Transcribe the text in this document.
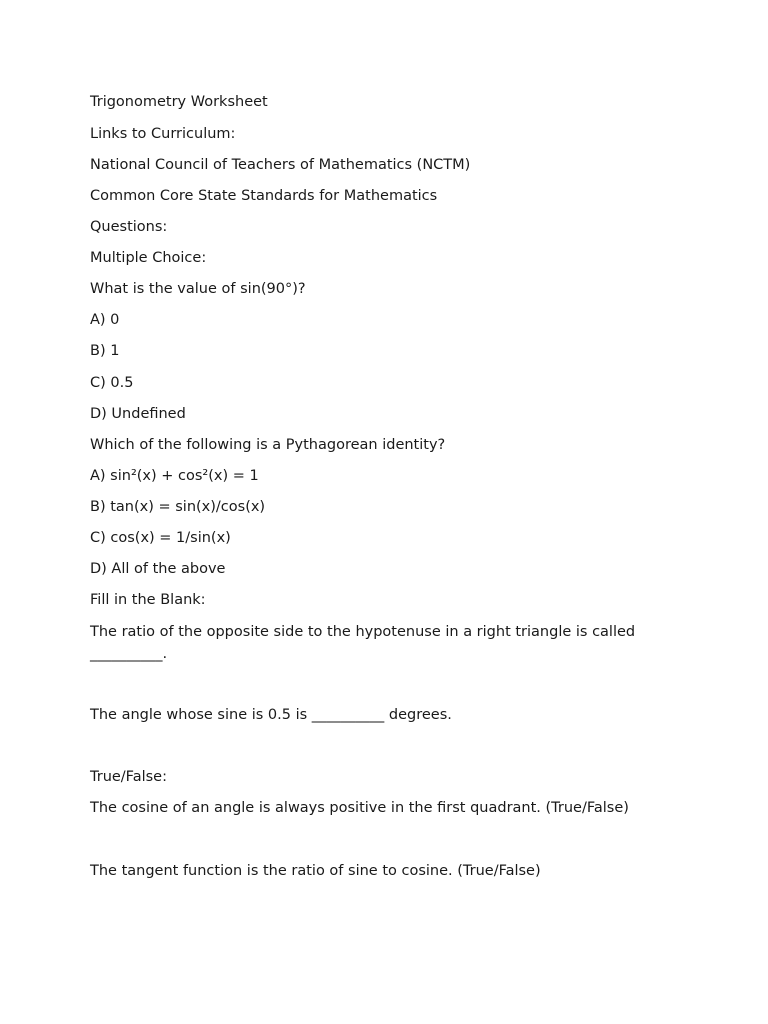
Trigonometry Worksheet
Links to Curriculum:
National Council of Teachers of Mathematics (NCTM)
Common Core State Standards for Mathematics
Questions:
Multiple Choice:
What is the value of sin(90°)?
A) 0
B) 1
C) 0.5
D) Undefined
Which of the following is a Pythagorean identity?
A) sin²(x) + cos²(x) = 1
B) tan(x) = sin(x)/cos(x)
C) cos(x) = 1/sin(x)
D) All of the above
Fill in the Blank:
The ratio of the opposite side to the hypotenuse in a right triangle is called __________.
The angle whose sine is 0.5 is __________ degrees.
True/False:
The cosine of an angle is always positive in the first quadrant. (True/False)
The tangent function is the ratio of sine to cosine. (True/False)
